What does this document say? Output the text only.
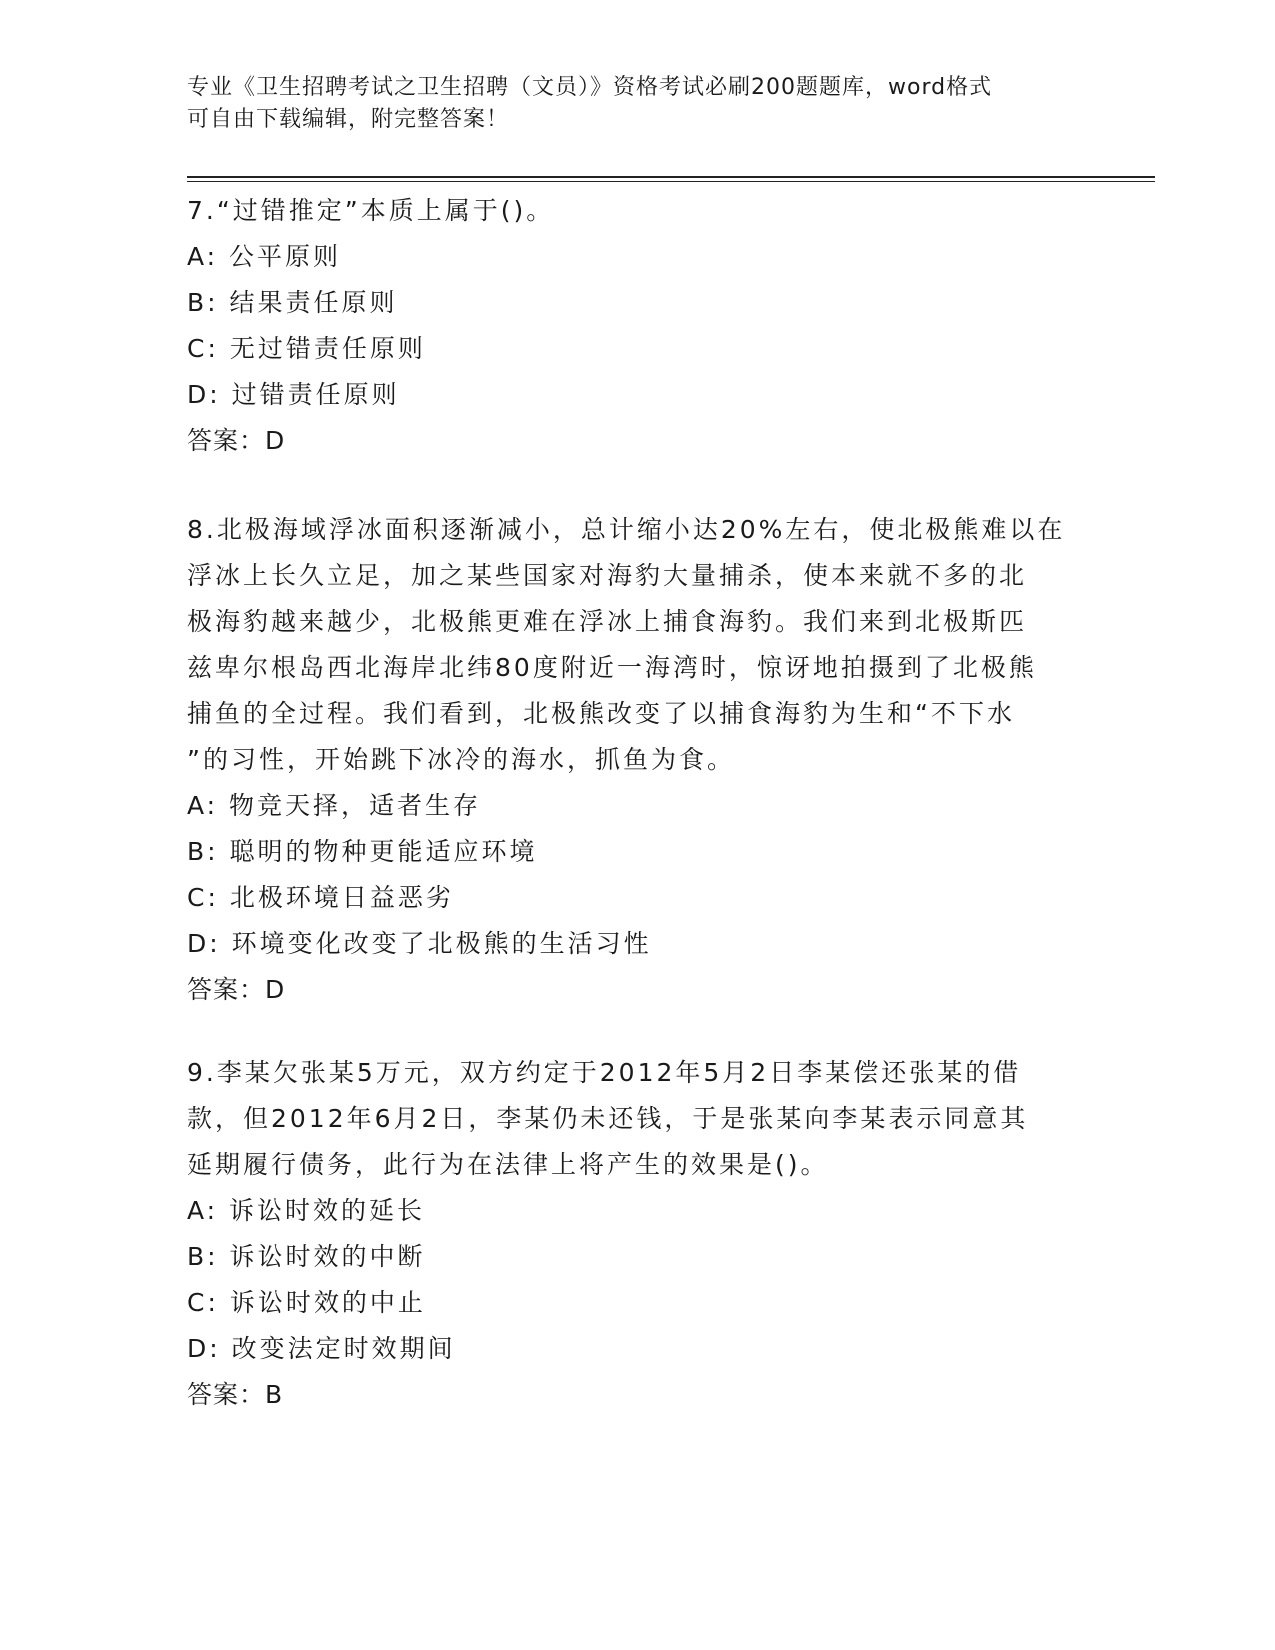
专业《卫生招聘考试之卫生招聘（文员）》资格考试必刷200题题库，word格式
可自由下载编辑，附完整答案！
7.“过错推定”本质上属于()。
A: 公平原则
B: 结果责任原则
C: 无过错责任原则
D: 过错责任原则
答案：D
8.北极海域浮冰面积逐渐减小，总计缩小达20%左右，使北极熊难以在
浮冰上长久立足，加之某些国家对海豹大量捕杀，使本来就不多的北
极海豹越来越少，北极熊更难在浮冰上捕食海豹。我们来到北极斯匹
兹卑尔根岛西北海岸北纬80度附近一海湾时，惊讶地拍摄到了北极熊
捕鱼的全过程。我们看到，北极熊改变了以捕食海豹为生和“不下水
”的习性，开始跳下冰冷的海水，抓鱼为食。
A: 物竞天择，适者生存
B: 聪明的物种更能适应环境
C: 北极环境日益恶劣
D: 环境变化改变了北极熊的生活习性
答案：D
9.李某欠张某5万元，双方约定于2012年5月2日李某偿还张某的借
款，但2012年6月2日，李某仍未还钱，于是张某向李某表示同意其
延期履行债务，此行为在法律上将产生的效果是()。
A: 诉讼时效的延长
B: 诉讼时效的中断
C: 诉讼时效的中止
D: 改变法定时效期间
答案：B
